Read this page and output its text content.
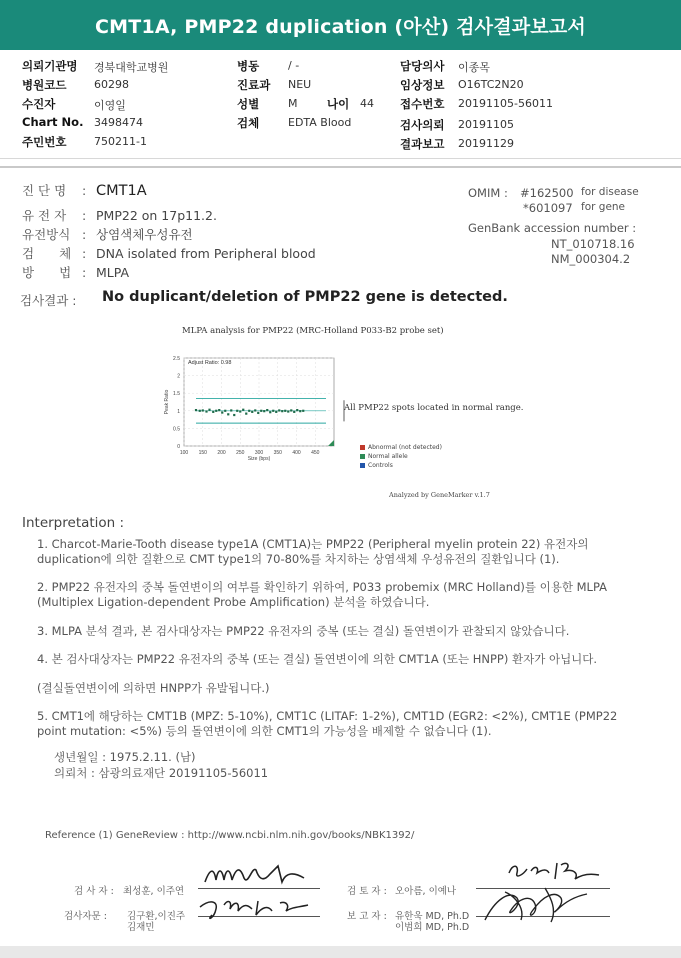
CMT1A, PMP22 duplication (아산) 검사결과보고서
의뢰기관명 경북대학교병원
병원코드	60298
수진자	이영일
Chart No. 3498474
주민번호	750211-1
병동	/ -
진료과 NEU
성별	M	나이 44
검체	EDTA Blood
담당의사 이종목
임상정보 O16TC2N20
접수번호 20191105-56011
검사의뢰 20191105
결과보고 20191129
진 단 명 : CMT1A
유 전 자 : PMP22 on 17p11.2.
유전방식 : 상염색체우성유전
검　　체 : DNA isolated from Peripheral blood
방　　법 : MLPA
OMIM : #162500 for disease
*601097 for gene
GenBank accession number :
NT_010718.16
NM_000304.2
검사결과 : No duplicant/deletion of PMP22 gene is detected.
MLPA analysis for PMP22 (MRC-Holland P033-B2 probe set)
0
0.5
1
1.5
2
2.5
100 150 200 250 300 350 400 450
Adjust Ratio: 0.98
Size (bps)
Peak Ratio	All PMP22 spots located in normal range.
Abnormal (not detected)
Normal allele
Controls
Analyzed by GeneMarker v.1.7
Interpretation :
1. Charcot-Marie-Tooth disease type1A (CMT1A)는 PMP22 (Peripheral myelin protein 22) 유전자의 duplication에 의한 질환으로 CMT type1의 70-80%를 차지하는 상염색체 우성유전의 질환입니다 (1).
2. PMP22 유전자의 중복 돌연변이의 여부를 확인하기 위하여, P033 probemix (MRC Holland)를 이용한 MLPA (Multiplex Ligation-dependent Probe Amplification) 분석을 하였습니다.
3. MLPA 분석 결과, 본 검사대상자는 PMP22 유전자의 중복 (또는 결실) 돌연변이가 관찰되지 않았습니다.
4. 본 검사대상자는 PMP22 유전자의 중복 (또는 결실) 돌연변이에 의한 CMT1A (또는 HNPP) 환자가 아닙니다.
(결실돌연변이에 의하면 HNPP가 유발됩니다.)
5. CMT1에 해당하는 CMT1B (MPZ: 5-10%), CMT1C (LITAF: 1-2%), CMT1D (EGR2: <2%), CMT1E (PMP22 point mutation: <5%) 등의 돌연변이에 의한 CMT1의 가능성을 배제할 수 없습니다 (1).
생년월일 : 1975.2.11. (남)
의뢰처 : 삼광의료재단 20191105-56011
Reference (1) GeneReview : http://www.ncbi.nlm.nih.gov/books/NBK1392/
검 사 자 : 최성훈, 이주연	검 토 자 : 오아름, 이예나
검사자문 : 김구환,이진주
김재민
보 고 자 : 유한욱 MD, Ph.D
이범희 MD, Ph.D
